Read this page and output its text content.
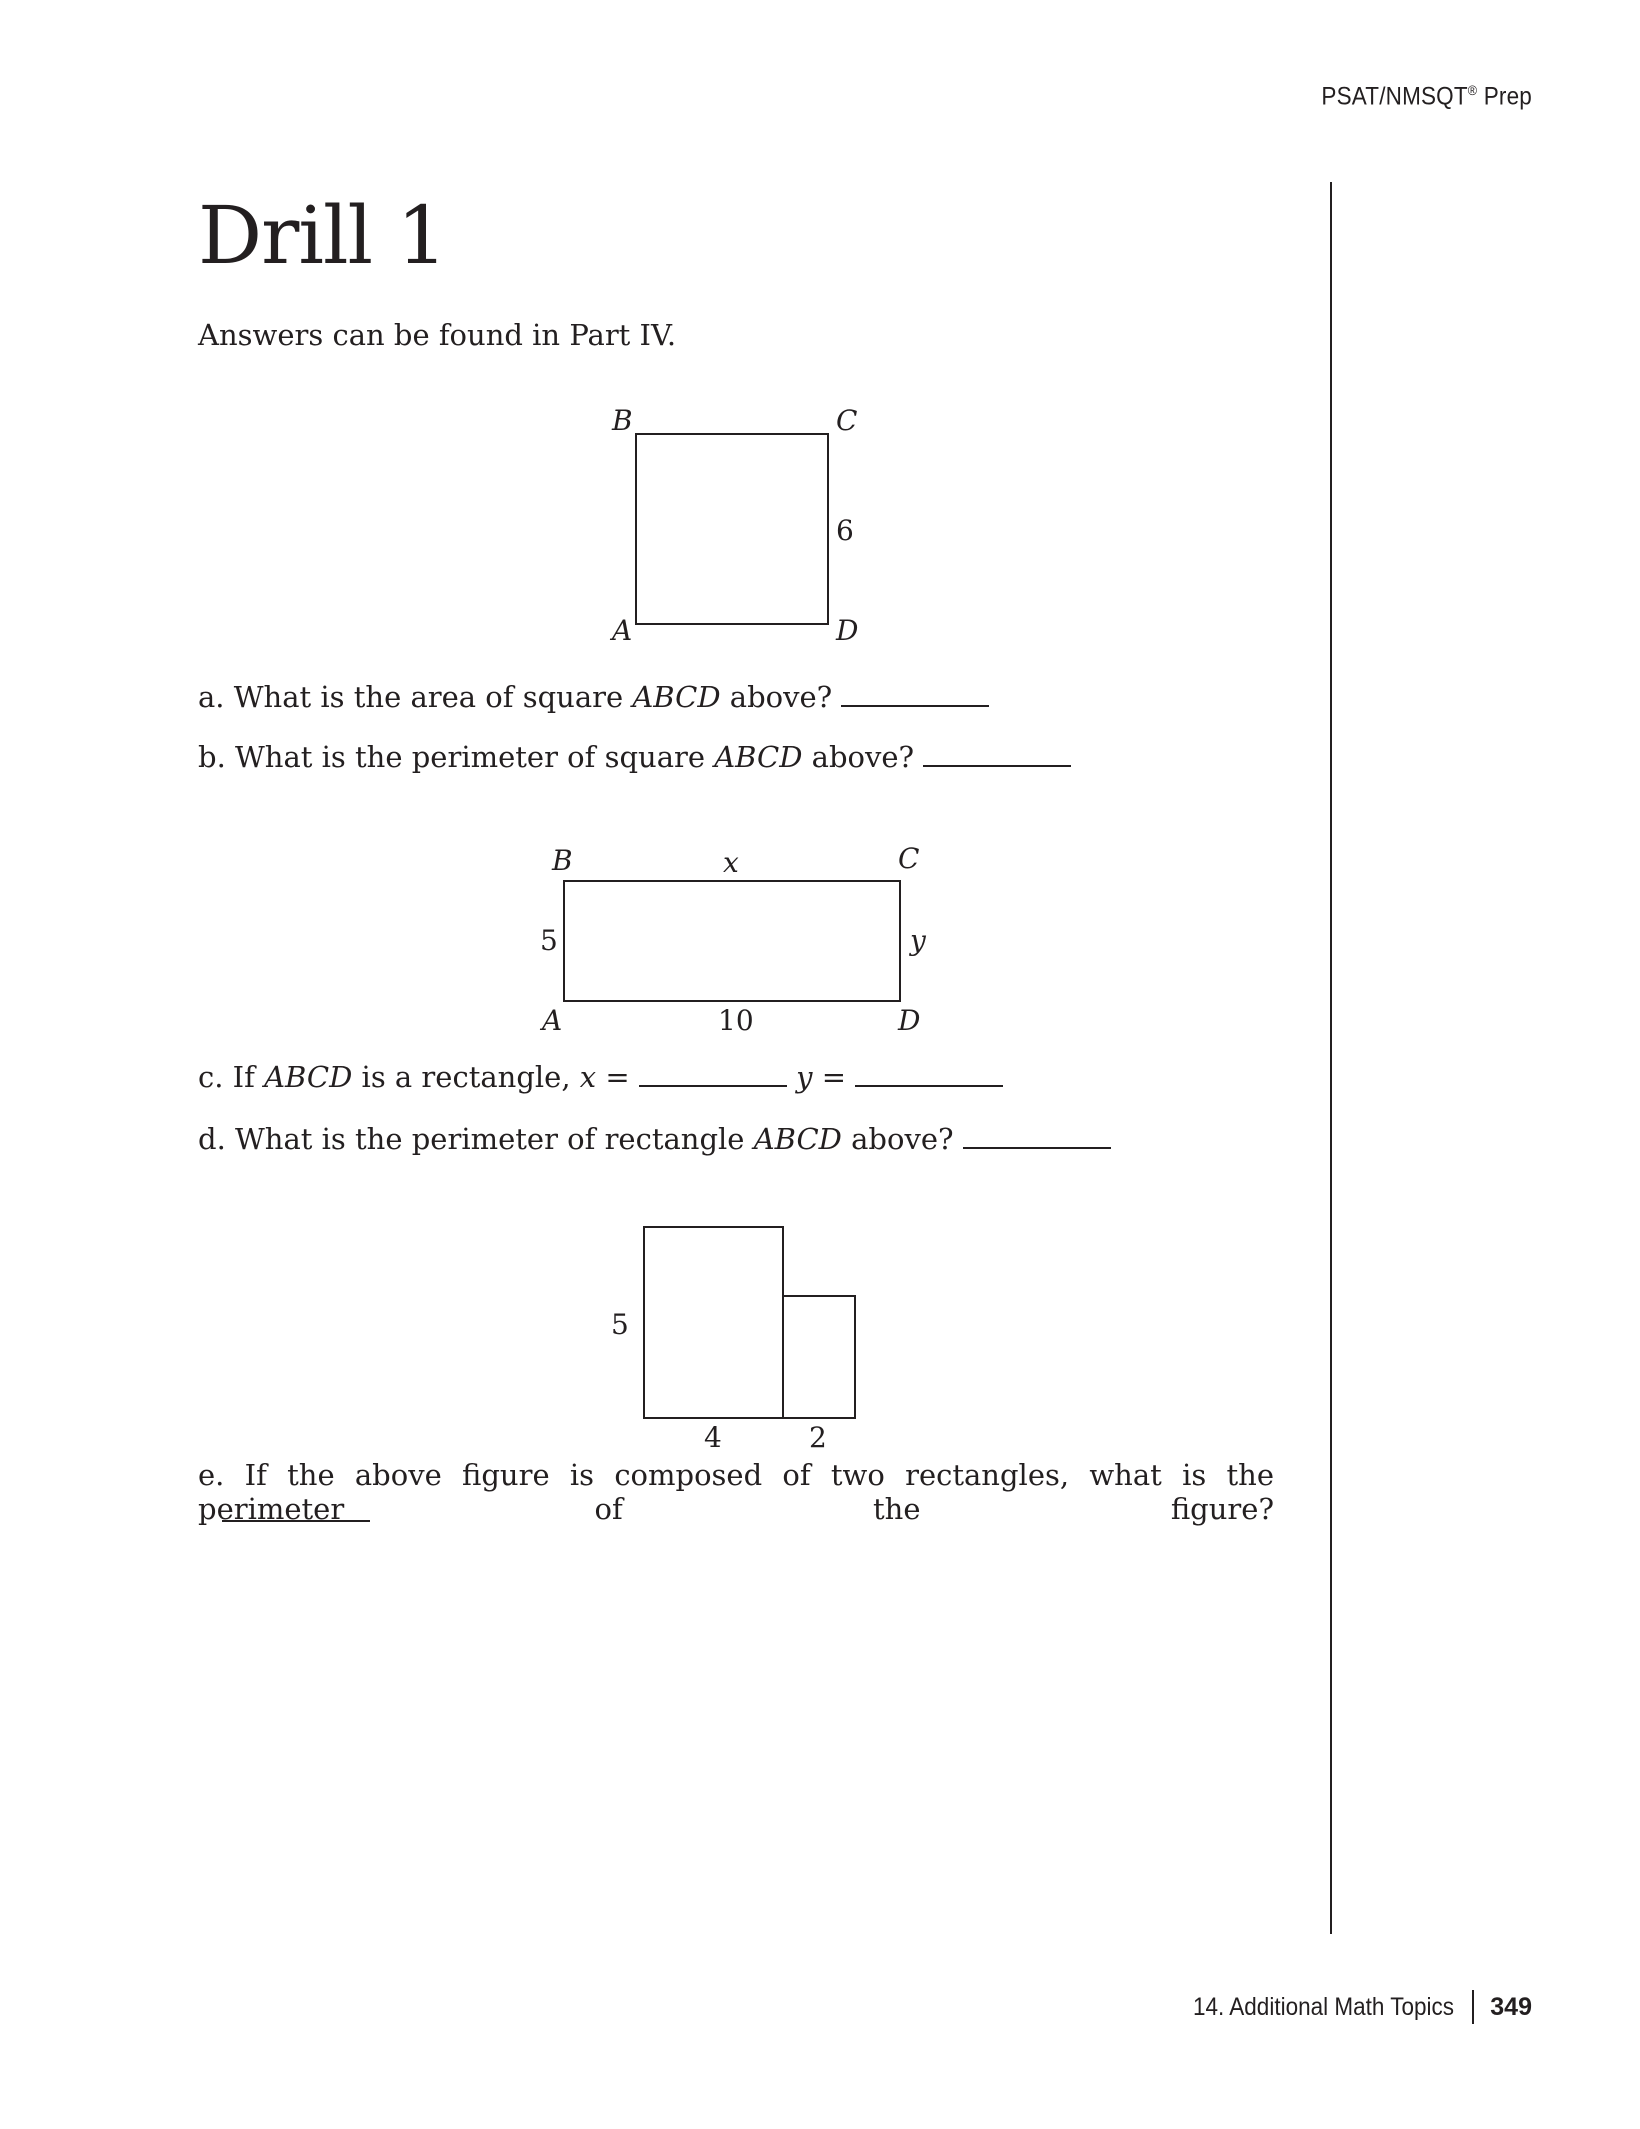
PSAT/NMSQT® Prep
Drill 1
Answers can be found in Part IV.
B	C
A	D
6
B	C
A	D
x
5	y
10
5
4	2
a. What is the area of square ABCD above?
b. What is the perimeter of square ABCD above?
c. If ABCD is a rectangle, x =	y =
d. What is the perimeter of rectangle ABCD above?
e. If the above figure is composed of two rectangles, what is the perimeter of the figure?
14. Additional Math Topics 349
